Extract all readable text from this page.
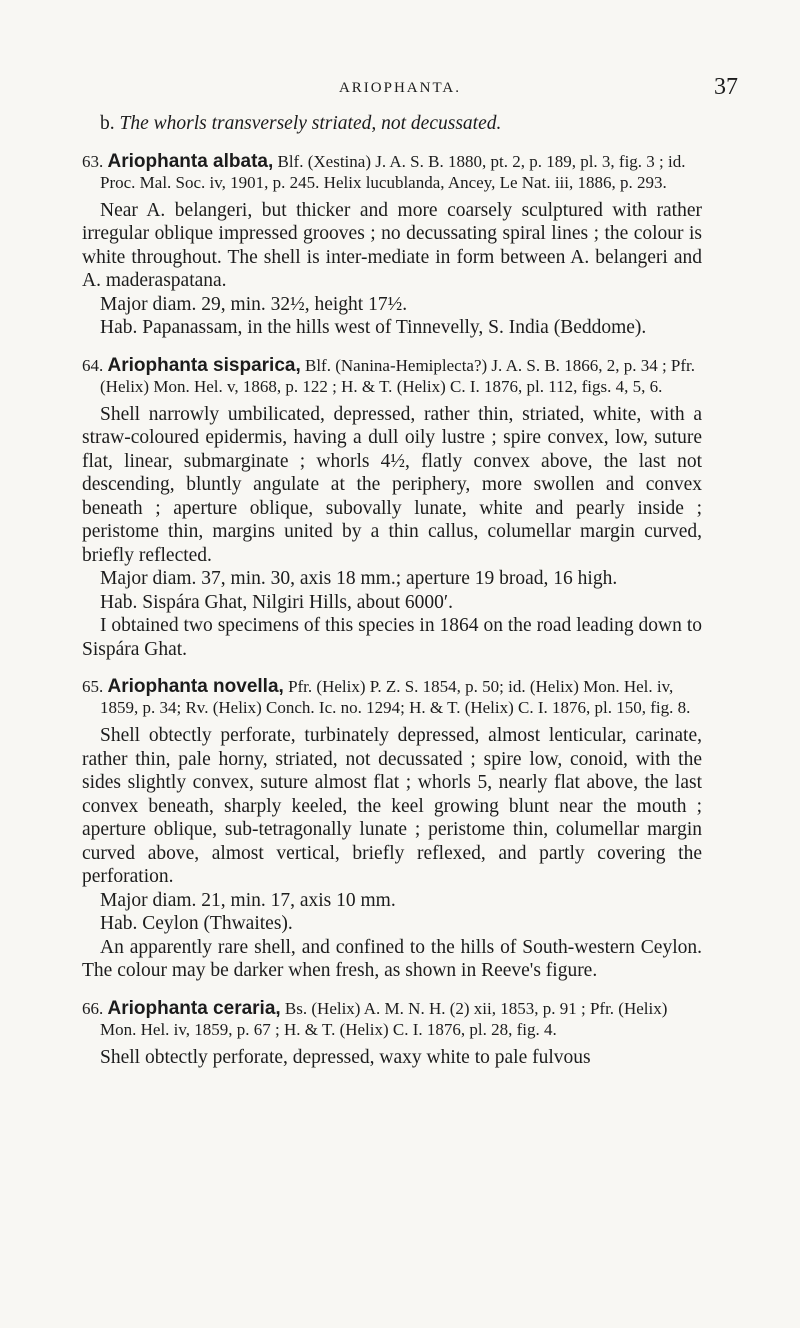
ARIOPHANTA.	37

b. The whorls transversely striated, not decussated.

63. Ariophanta albata, Blf. (Xestina) J. A. S. B. 1880, pt. 2, p. 189, pl. 3, fig. 3 ; id. Proc. Mal. Soc. iv, 1901, p. 245. Helix lucublanda, Ancey, Le Nat. iii, 1886, p. 293.

Near A. belangeri, but thicker and more coarsely sculptured with rather irregular oblique impressed grooves ; no decussating spiral lines ; the colour is white throughout. The shell is inter-mediate in form between A. belangeri and A. maderaspatana.

Major diam. 29, min. 32½, height 17½.

Hab. Papanassam, in the hills west of Tinnevelly, S. India (Beddome).

64. Ariophanta sisparica, Blf. (Nanina-Hemiplecta?) J. A. S. B. 1866, 2, p. 34 ; Pfr. (Helix) Mon. Hel. v, 1868, p. 122 ; H. & T. (Helix) C. I. 1876, pl. 112, figs. 4, 5, 6.

Shell narrowly umbilicated, depressed, rather thin, striated, white, with a straw-coloured epidermis, having a dull oily lustre ; spire convex, low, suture flat, linear, submarginate ; whorls 4½, flatly convex above, the last not descending, bluntly angulate at the periphery, more swollen and convex beneath ; aperture oblique, subovally lunate, white and pearly inside ; peristome thin, margins united by a thin callus, columellar margin curved, briefly reflected.

Major diam. 37, min. 30, axis 18 mm.; aperture 19 broad, 16 high.

Hab. Sispára Ghat, Nilgiri Hills, about 6000′.

I obtained two specimens of this species in 1864 on the road leading down to Sispára Ghat.

65. Ariophanta novella, Pfr. (Helix) P. Z. S. 1854, p. 50; id. (Helix) Mon. Hel. iv, 1859, p. 34; Rv. (Helix) Conch. Ic. no. 1294; H. & T. (Helix) C. I. 1876, pl. 150, fig. 8.

Shell obtectly perforate, turbinately depressed, almost lenticular, carinate, rather thin, pale horny, striated, not decussated ; spire low, conoid, with the sides slightly convex, suture almost flat ; whorls 5, nearly flat above, the last convex beneath, sharply keeled, the keel growing blunt near the mouth ; aperture oblique, sub-tetragonally lunate ; peristome thin, columellar margin curved above, almost vertical, briefly reflexed, and partly covering the perforation.

Major diam. 21, min. 17, axis 10 mm.

Hab. Ceylon (Thwaites).

An apparently rare shell, and confined to the hills of South-western Ceylon. The colour may be darker when fresh, as shown in Reeve's figure.

66. Ariophanta ceraria, Bs. (Helix) A. M. N. H. (2) xii, 1853, p. 91 ; Pfr. (Helix) Mon. Hel. iv, 1859, p. 67 ; H. & T. (Helix) C. I. 1876, pl. 28, fig. 4.

Shell obtectly perforate, depressed, waxy white to pale fulvous
